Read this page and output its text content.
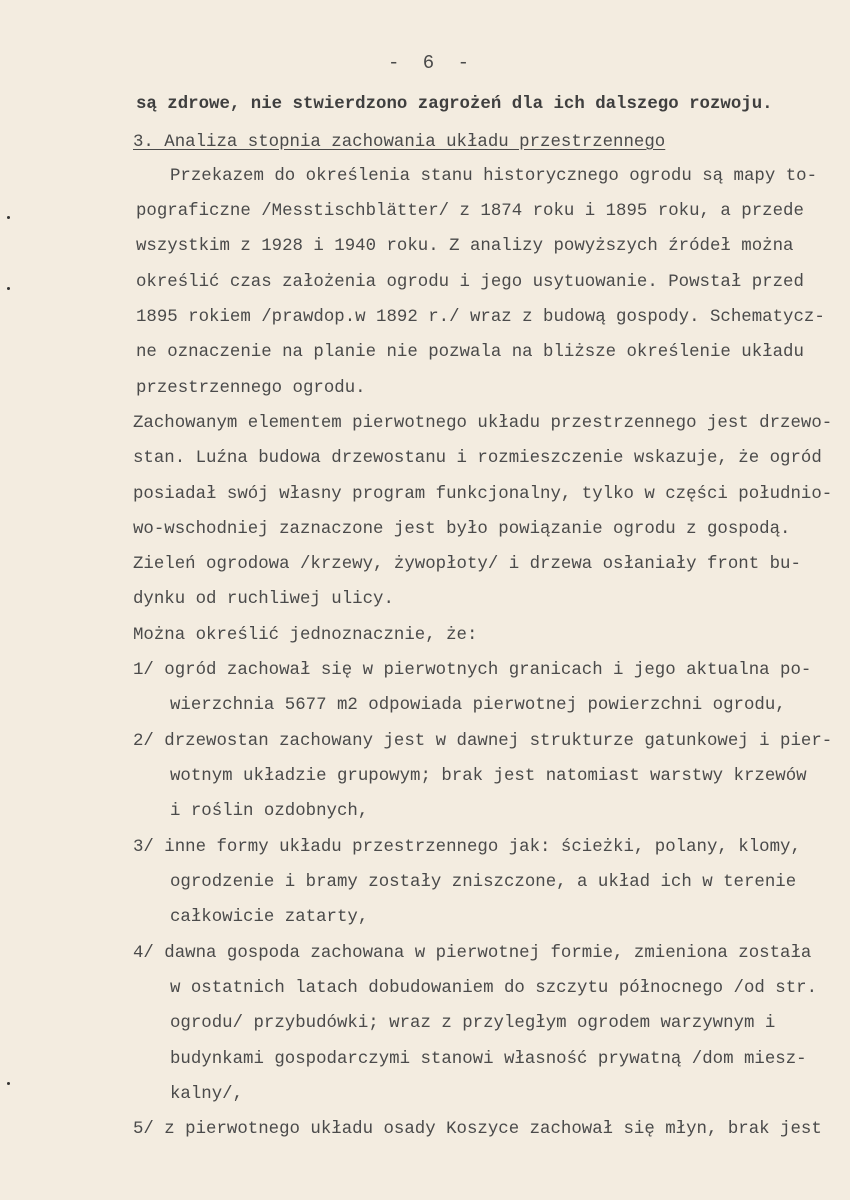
- 6 -
są zdrowe, nie stwierdzono zagrożeń dla ich dalszego rozwoju.
3. Analiza stopnia zachowania układu przestrzennego
Przekazem do określenia stanu historycznego ogrodu są mapy to-
pograficzne /Messtischblätter/ z 1874 roku i 1895 roku, a przede
wszystkim z 1928 i 1940 roku. Z analizy powyższych źródeł można
określić czas założenia ogrodu i jego usytuowanie. Powstał przed
1895 rokiem /prawdop.w 1892 r./ wraz z budową gospody. Schematycz-
ne oznaczenie na planie nie pozwala na bliższe określenie układu
przestrzennego ogrodu.
Zachowanym elementem pierwotnego układu przestrzennego jest drzewo-
stan. Luźna budowa drzewostanu i rozmieszczenie wskazuje, że ogród
posiadał swój własny program funkcjonalny, tylko w części południo-
wo-wschodniej zaznaczone jest było powiązanie ogrodu z gospodą.
Zieleń ogrodowa /krzewy, żywopłoty/ i drzewa osłaniały front bu-
dynku od ruchliwej ulicy.
Można określić jednoznacznie, że:
1/ ogród zachował się w pierwotnych granicach i jego aktualna po-
wierzchnia 5677 m2 odpowiada pierwotnej powierzchni ogrodu,
2/ drzewostan zachowany jest w dawnej strukturze gatunkowej i pier-
wotnym układzie grupowym; brak jest natomiast warstwy krzewów
i roślin ozdobnych,
3/ inne formy układu przestrzennego jak: ścieżki, polany, klomy,
ogrodzenie i bramy zostały zniszczone, a układ ich w terenie
całkowicie zatarty,
4/ dawna gospoda zachowana w pierwotnej formie, zmieniona została
w ostatnich latach dobudowaniem do szczytu północnego /od str.
ogrodu/ przybudówki; wraz z przyległym ogrodem warzywnym i
budynkami gospodarczymi stanowi własność prywatną /dom miesz-
kalny/,
5/ z pierwotnego układu osady Koszyce zachował się młyn, brak jest
